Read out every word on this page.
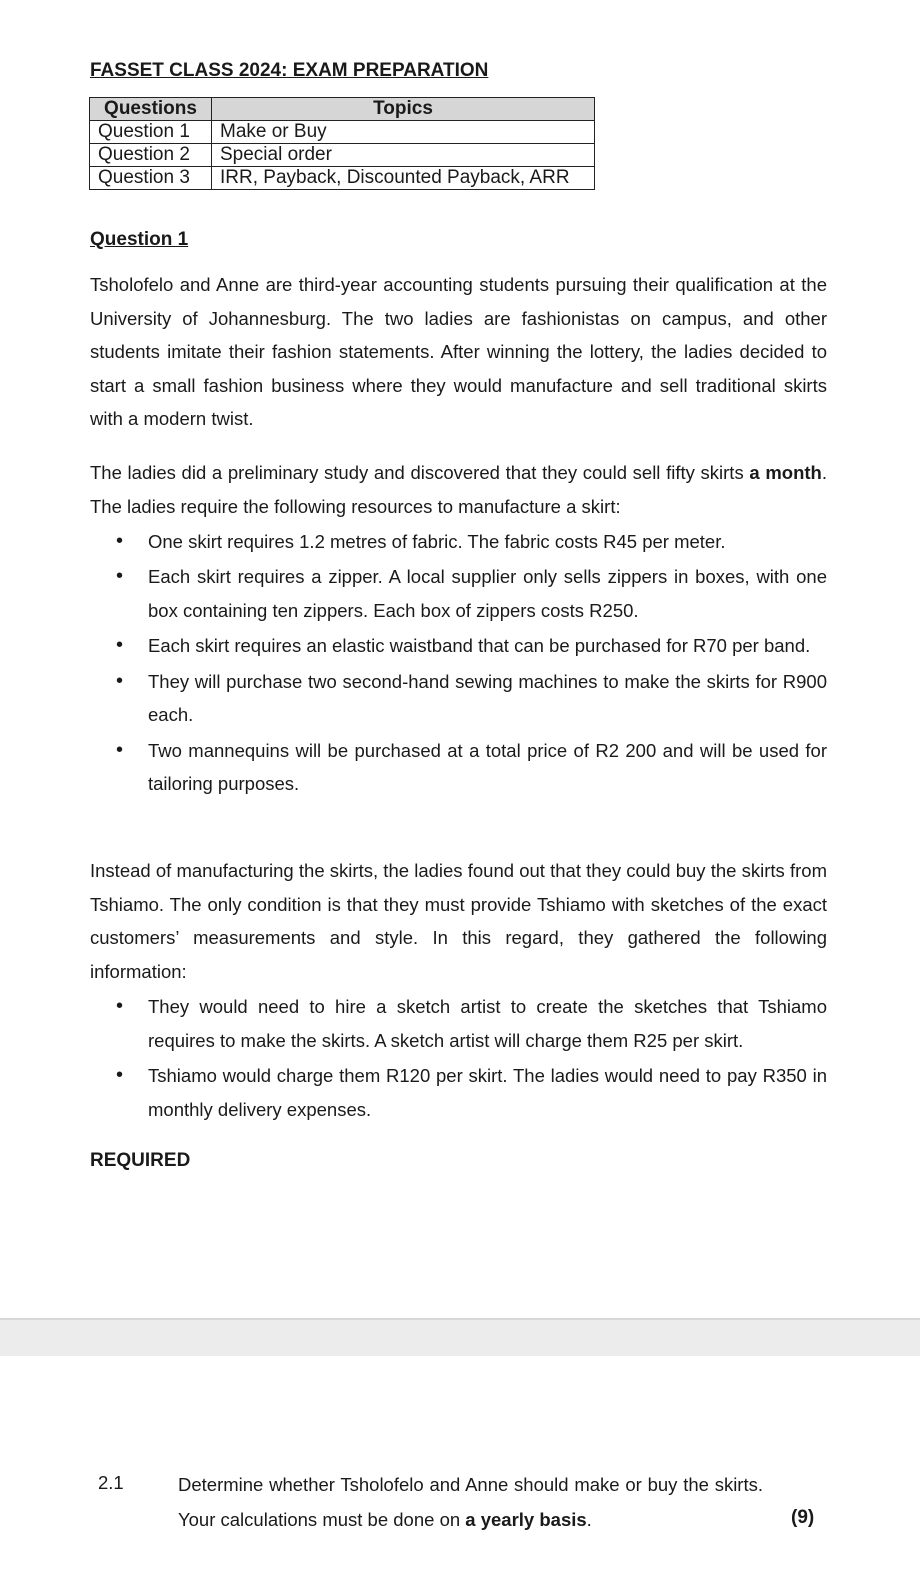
FASSET CLASS 2024: EXAM PREPARATION
Questions	Topics
Question 1	Make or Buy
Question 2	Special order
Question 3	IRR, Payback, Discounted Payback, ARR
Question 1

Tsholofelo and Anne are third-year accounting students pursuing their qualification at the University of Johannesburg. The two ladies are fashionistas on campus, and other students imitate their fashion statements. After winning the lottery, the ladies decided to start a small fashion business where they would manufacture and sell traditional skirts with a modern twist.

The ladies did a preliminary study and discovered that they could sell fifty skirts a month. The ladies require the following resources to manufacture a skirt:

• One skirt requires 1.2 metres of fabric. The fabric costs R45 per meter.
• Each skirt requires a zipper. A local supplier only sells zippers in boxes, with one box containing ten zippers. Each box of zippers costs R250.
• Each skirt requires an elastic waistband that can be purchased for R70 per band.
• They will purchase two second-hand sewing machines to make the skirts for R900 each.
• Two mannequins will be purchased at a total price of R2 200 and will be used for tailoring purposes.

Instead of manufacturing the skirts, the ladies found out that they could buy the skirts from Tshiamo. The only condition is that they must provide Tshiamo with sketches of the exact customers’ measurements and style. In this regard, they gathered the following information:

• They would need to hire a sketch artist to create the sketches that Tshiamo requires to make the skirts. A sketch artist will charge them R25 per skirt.
• Tshiamo would charge them R120 per skirt. The ladies would need to pay R350 in monthly delivery expenses.

REQUIRED

2.1	Determine whether Tsholofelo and Anne should make or buy the skirts. Your calculations must be done on a yearly basis.	(9)
